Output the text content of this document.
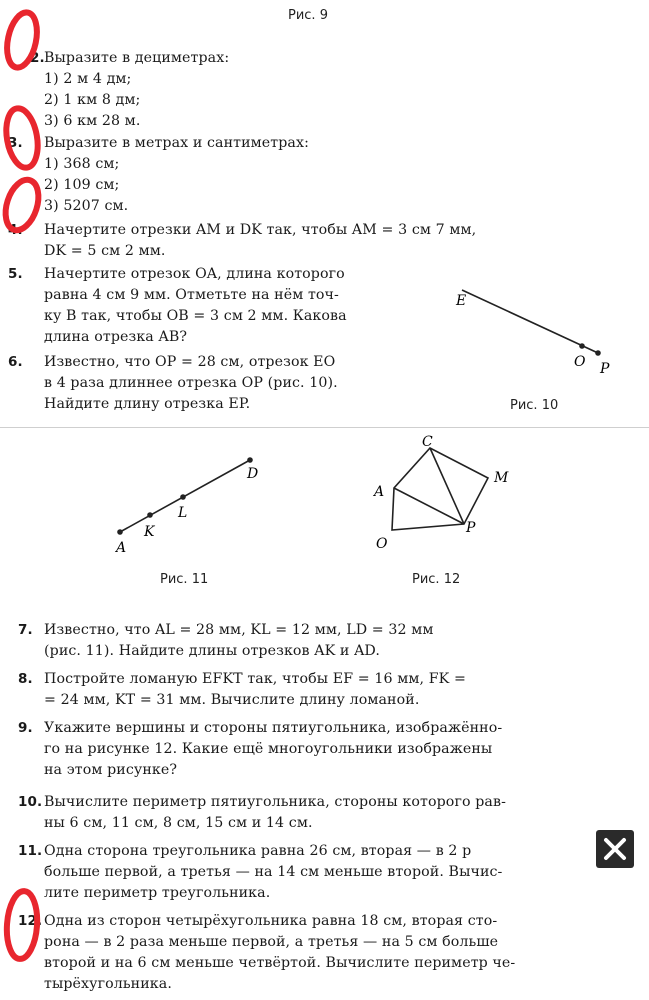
Рис. 9
2.Выразите в дециметрах:
1) 2 м 4 дм;
2) 1 км 8 дм;
3) 6 км 28 м.
3. Выразите в метрах и сантиметрах:
1) 368 см;
2) 109 см;
3) 5207 см.
4. Начертите отрезки AM и DK так, чтобы AM = 3 см 7 мм,
DK = 5 см 2 мм.
5. Начертите отрезок OA, длина которого
равна 4 см 9 мм. Отметьте на нём точ-
ку B так, чтобы OB = 3 см 2 мм. Какова
длина отрезка AB?
6. Известно, что OP = 28 см, отрезок EO
в 4 раза длиннее отрезка OP (рис. 10).
Найдите длину отрезка EP.
E
O P
Рис. 10
A
K
L
D
Рис. 11
C
M
A
P
O
Рис. 12
7. Известно, что AL = 28 мм, KL = 12 мм, LD = 32 мм
(рис. 11). Найдите длины отрезков AK и AD.
8. Постройте ломаную EFKT так, чтобы EF = 16 мм, FK =
= 24 мм, KT = 31 мм. Вычислите длину ломаной.
9. Укажите вершины и стороны пятиугольника, изображённо-
го на рисунке 12. Какие ещё многоугольники изображены
на этом рисунке?
10. Вычислите периметр пятиугольника, стороны которого рав-
ны 6 см, 11 см, 8 см, 15 см и 14 см.
11. Одна сторона треугольника равна 26 см, вторая — в 2 р
больше первой, а третья — на 14 см меньше второй. Вычис-
лите периметр треугольника.
12. Одна из сторон четырёхугольника равна 18 см, вторая сто-
рона — в 2 раза меньше первой, а третья — на 5 см больше
второй и на 6 см меньше четвёртой. Вычислите периметр че-
тырёхугольника.
